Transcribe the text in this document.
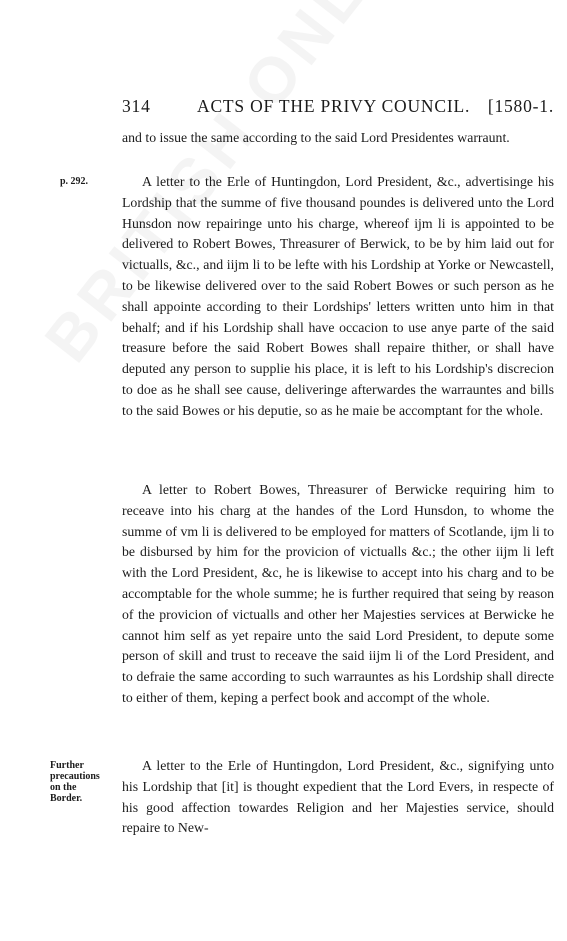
314	ACTS OF THE PRIVY COUNCIL. [1580-1.

and to issue the same according to the said Lord Presidentes warraunt.

p. 292.	A letter to the Erle of Huntingdon, Lord President, &c., advertisinge his Lordship that the summe of five thousand poundes is delivered unto the Lord Hunsdon now repairinge unto his charge, whereof ijm li is appointed to be delivered to Robert Bowes, Threasurer of Berwick, to be by him laid out for victualls, &c., and iijm li to be lefte with his Lordship at Yorke or Newcastell, to be likewise delivered over to the said Robert Bowes or such person as he shall appointe according to their Lordships' letters written unto him in that behalf; and if his Lordship shall have occacion to use anye parte of the said treasure before the said Robert Bowes shall repaire thither, or shall have deputed any person to supplie his place, it is left to his Lordship's discrecion to doe as he shall see cause, deliveringe afterwardes the warrauntes and bills to the said Bowes or his deputie, so as he maie be accomptant for the whole.

A letter to Robert Bowes, Threasurer of Berwicke requiring him to receave into his charg at the handes of the Lord Hunsdon, to whome the summe of vm li is delivered to be employed for matters of Scotlande, ijm li to be disbursed by him for the provicion of victualls &c.; the other iijm li left with the Lord President, &c, he is likewise to accept into his charg and to be accomptable for the whole summe; he is further required that seing by reason of the provicion of victualls and other her Majesties services at Berwicke he cannot him self as yet repaire unto the said Lord President, to depute some person of skill and trust to receave the said iijm li of the Lord President, and to defraie the same according to such warrauntes as his Lordship shall directe to either of them, keping a perfect book and accompt of the whole.

Further precautions on the Border.

A letter to the Erle of Huntingdon, Lord President, &c., signifying unto his Lordship that [it] is thought expedient that the Lord Evers, in respecte of his good affection towardes Religion and her Majesties service, should repaire to New-
